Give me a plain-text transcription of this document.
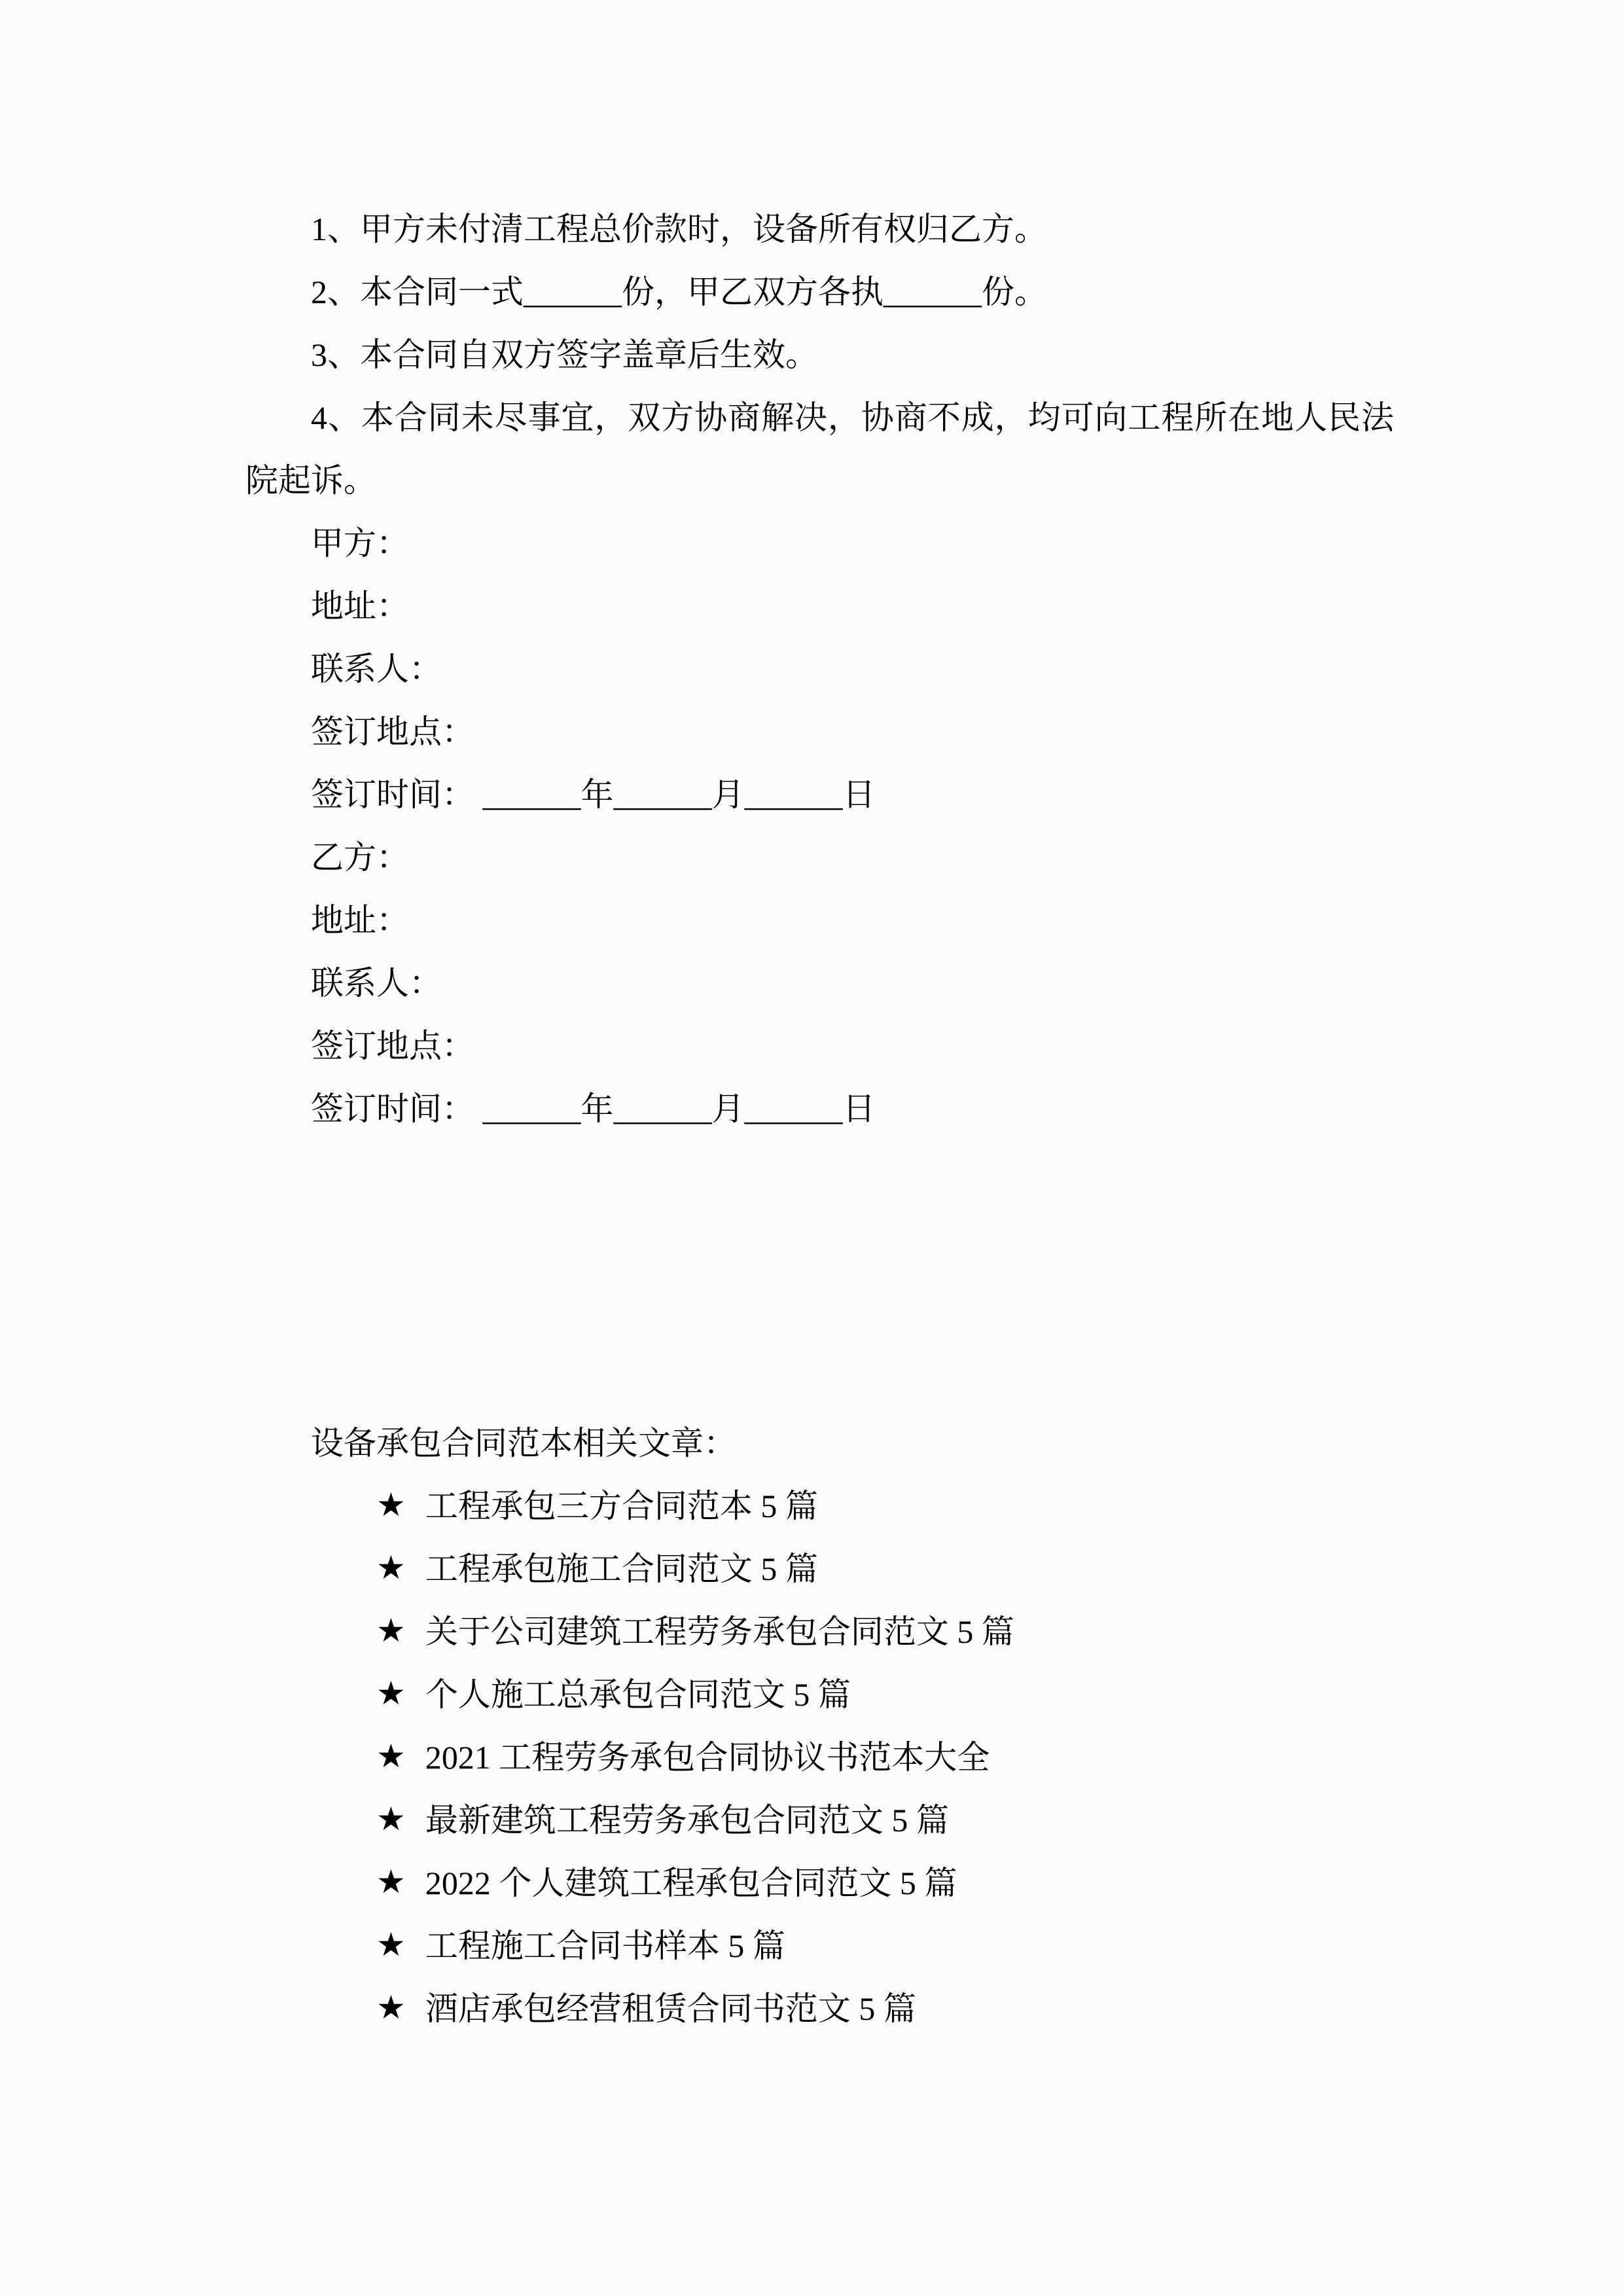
1、甲方未付清工程总价款时，设备所有权归乙方。

2、本合同一式______份，甲乙双方各执______份。

3、本合同自双方签字盖章后生效。

4、本合同未尽事宜，双方协商解决，协商不成，均可向工程所在地人民法院起诉。

甲方：

地址：

联系人：

签订地点：

签订时间： ______年______月______日

乙方：

地址：

联系人：

签订地点：

签订时间： ______年______月______日

设备承包合同范本相关文章：

★ 工程承包三方合同范本 5 篇

★ 工程承包施工合同范文 5 篇

★ 关于公司建筑工程劳务承包合同范文 5 篇

★ 个人施工总承包合同范文 5 篇

★ 2021 工程劳务承包合同协议书范本大全

★ 最新建筑工程劳务承包合同范文 5 篇

★ 2022 个人建筑工程承包合同范文 5 篇

★ 工程施工合同书样本 5 篇

★ 酒店承包经营租赁合同书范文 5 篇
